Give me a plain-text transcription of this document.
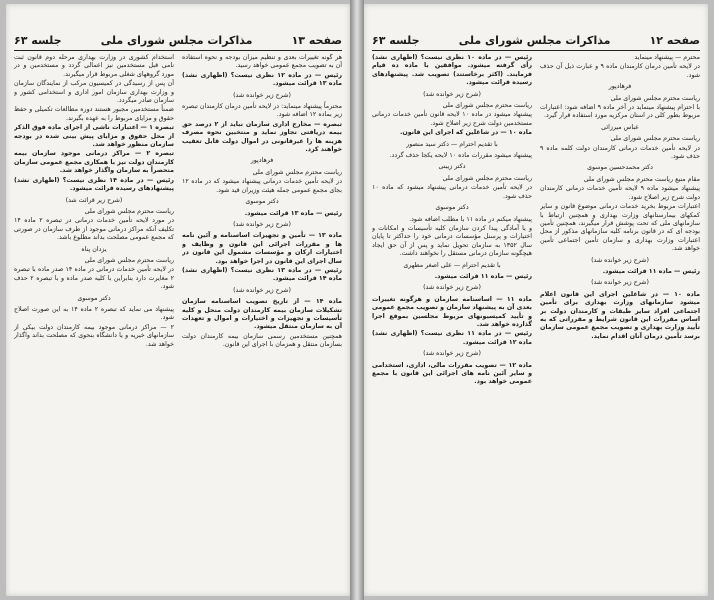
صفحه ۱۳
مذاکرات مجلس شورای ملی
جلسه ۶۳

هر گونه تغییرات بعدی و تنظیم میزان بودجه و نحوه استفاده آن به تصویب مجمع عمومی خواهد رسید.

رئیس — در ماده ۱۲ نظری نیست؟ (اظهاری نشد) ماده ۱۳ قرائت میشود.

(شرح زیر خوانده شد)

محترماً پیشنهاد مینماید: در لایحه تأمین درمان کارمندان تبصره زیر بماده ۱۲ اضافه شود.

تبصره — مخارج اداری سازمان نباید از ۲ درصد حق بیمه دریافتی تجاوز نماید و منتخبین نحوه مصرف هزینه ها را غیرقانونی در اموال دولت قابل تعقیب خواهند کرد.

فرهادپور

ریاست محترم مجلس شورای ملی

در لایحه تأمین خدمات درمانی پیشنهاد میشود که در ماده ۱۲ بجای مجمع عمومی جمله هیئت وزیران قید شود.

دکتر موسوی

رئیس — ماده ۱۳ قرائت میشود.

(شرح زیر خوانده شد)

ماده ۱۳ — تأمین و تجهیزات اساسنامه و آئین نامه ها و مقررات اجرائی این قانون و وظایف و اختیارات ارکان و مؤسسات مشمول این قانون در سال اجرای این قانون در اجرا خواهد بود.

رئیس — در ماده ۱۳ نظری نیست؟ (اظهاری نشد) ماده ۱۴ قرائت میشود.

(شرح زیر خوانده شد)

ماده ۱۴ — از تاریخ تصویب اساسنامه سازمان تشکیلات سازمان بیمه کارمندان دولت منحل و کلیه تأسیسات و تجهیزات و اختیارات و اموال و تعهدات آن به سازمان منتقل میشود.

همچنین مستخدمین رسمی سازمان بیمه کارمندان دولت بسازمان منتقل و همزمان با اجرای این قانون.

استخدام کشوری در وزارت بهداری مرحله دوم قانون ثبت نامی قبل مستخدمین نیز اعمالی گردد و مستخدمین و در مورد گروههای شغلی مربوط قرار میگیرند.

آن پس از رسیدگی در کمیسیون مرکب از نمایندگان سازمان و وزارت بهداری سازمان امور اداری و استخدامی کشور و سازمان صادر میگردد.

ضمناً مستخدمین مجبور هستند دوره مطالعات تکمیلی و حفظ حقوق و مزایای مربوط را به عهده بگیرند.

تبصره ۱ — اعتبارات ناشی از اجرای ماده فوق الذکر از محل حقوق و مزایای پیش بینی شده در بودجه سازمان منظور خواهد شد.

تبصره ۲ — مراکز درمانی موجود سازمان بیمه کارمندان دولت نیز با همکاری مجمع عمومی سازمان منحصراً به سازمان واگذار خواهد شد.

رئیس — در ماده ۱۴ نظری نیست؟ (اظهاری نشد) پیشنهادهای رسیده قرائت میشود.

(شرح زیر قرائت شد)

ریاست محترم مجلس شورای ملی

در مورد لایحه تأمین خدمات درمانی در تبصره ۲ ماده ۱۴ تکلیف آنکه مراکز درمانی موجود از طرف سازمان در صورتی که مجمع عمومی مصلحت بداند مطلوع باشد.

یزدان پناه

ریاست محترم مجلس شورای ملی

در لایحه تأمین خدمات درمانی در ماده ۱۴ صدر ماده با تبصره ۲ مغایرت دارد بنابراین با کلیه صدر ماده و با تبصره ۲ حذف شود.

دکتر موسوی

پیشنهاد می نماید که تبصره ۲ ماده ۱۴ به این صورت اصلاح شود.

۲ — مراکز درمانی موجود بیمه کارمندان دولت بیکی از سازمانهای خیریه و یا دانشگاه بنحوی که مصلحت بداند واگذار خواهد شد.

صفحه ۱۲
مذاکرات مجلس شورای ملی
جلسه ۶۳

محترم — پیشنهاد مینماید

در لایحه تأمین درمان کارمندان ماده ۹ و عبارت ذیل آن حذف شود.

فرهادپور

ریاست محترم مجلس شورای ملی

با احترام پیشنهاد مینماید در آخر ماده ۹ اضافه شود: اعتبارات مربوط بطور کلی در استان مرکزیه مورد استفاده قرار گیرد.

عباس میرزائی

ریاست محترم مجلس شورای ملی

در لایحه تأمین خدمات درمانی کارمندان دولت کلمه ماده ۹ حذف شود.

دکتر محمدحسین موسوی

مقام منیع ریاست محترم مجلس شورای ملی

پیشنهاد میشود ماده ۹ لایحه تأمین خدمات درمانی کارمندان دولت شرح زیر اصلاح شود.

اعتبارات مربوط بخرید خدمات درمانی موضوع قانون و سایر کمکهای بیمارستانهای وزارت بهداری و همچنین ارتباط با سازمانهای ملی که تحت پوشش قرار میگیرند، همچنین تأمین بودجه ای که در قانون برنامه کلیه سازمانهای مذکور از محل اعتبارات وزارت بهداری و سازمان تأمین اجتماعی تأمین خواهد شد.

(شرح زیر خوانده شد)

رئیس — ماده ۱۱ قرائت میشود.

(شرح زیر خوانده شد)

ماده ۱۰ — در شاغلین اجرای این قانون اعلام میشود سازمانهای وزارت بهداری برای تأمین اجتماعی افراد سایر طبقات و کارمندان دولت بر اساس مقررات این قانون شرایط و مقرراتی که به تأیید وزارت بهداری و تصویب مجمع عمومی سازمان برسد تأمین درمان آنان اقدام نماید.

رئیس — در ماده ۱۰ نظری نیست؟ (اظهاری نشد) رأی گرفته میشود. موافقین با ماده ده قیام فرمایند. (اکثر برخاستند) تصویب شد. پیشنهادهای رسیده قرائت میشود.

(شرح زیر خوانده شد)

ریاست محترم مجلس شورای ملی

پیشنهاد میشود در ماده ۱۰ لایحه قانون تأمین خدمات درمانی مستخدمین دولت شرح زیر اصلاح شود.

ماده ۱۰ — در شاغلین که اجرای این قانون.

با تقدیم احترام — دکتر سید منصور

پیشنهاد میشود مقررات ماده ۱۰ لایحه یکجا حذف گردد.

دکتر زیبنی

ریاست محترم مجلس شورای ملی

در لایحه تأمین خدمات درمانی پیشنهاد میشود که ماده ۱۰ حذف شود.

دکتر موسوی

پیشنهاد میکنم در ماده ۱۱ با مطلب اضافه شود.

و یا آمادگی پیدا کردن سازمان کلیه تأسیسات و امکانات و اختیارات و پرسنل مؤسسات درمانی خود را حداکثر تا پایان سال ۱۳۵۲ به سازمان تحویل نماید و پس از آن حق ایجاد هیچگونه سازمان درمانی مستقل را نخواهند داشت.

با تقدیم احترام — علی اصغر مطهری

رئیس — ماده ۱۱ قرائت میشود.

(شرح زیر خوانده شد)

ماده ۱۱ — اساسنامه سازمان و هرگونه تغییرات بعدی آن به پیشنهاد سازمان و تصویب مجمع عمومی و تأیید کمیسیونهای مربوط مجلسین بموقع اجرا گذارده خواهد شد.

رئیس — در ماده ۱۱ نظری نیست؟ (اظهاری نشد) ماده ۱۲ قرائت میشود.

(شرح زیر خوانده شد)

ماده ۱۲ — تصویب مقررات مالی، اداری، استخدامی و سایر آئین نامه های اجرائی این قانون با مجمع عمومی خواهد بود.
